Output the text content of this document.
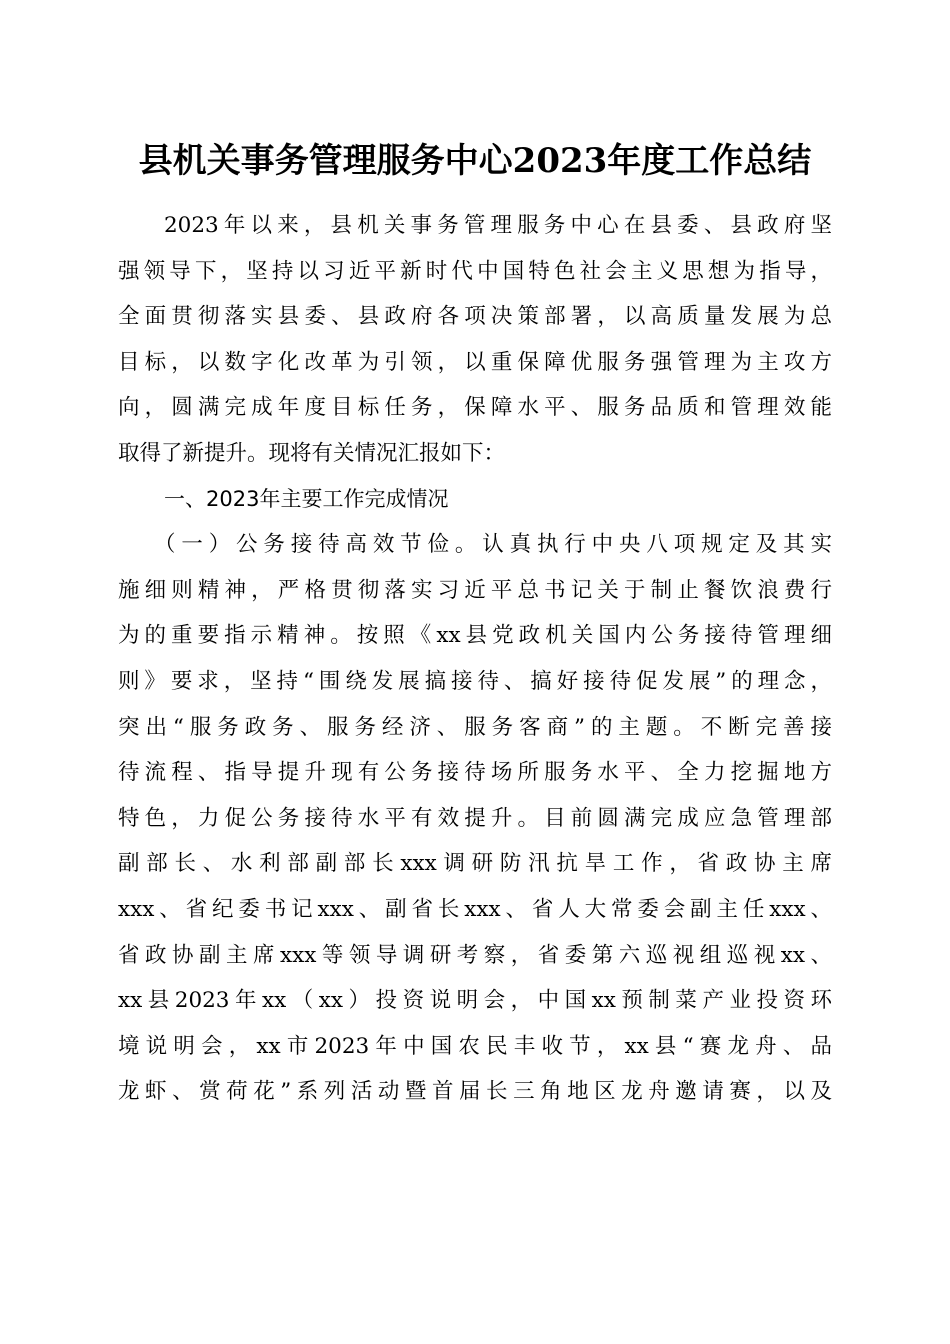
县机关事务管理服务中心2023年度工作总结

2023年以来，县机关事务管理服务中心在县委、县政府坚

强领导下，坚持以习近平新时代中国特色社会主义思想为指导，

全面贯彻落实县委、县政府各项决策部署，以高质量发展为总

目标，以数字化改革为引领，以重保障优服务强管理为主攻方

向，圆满完成年度目标任务，保障水平、服务品质和管理效能

取得了新提升。现将有关情况汇报如下：

一、2023年主要工作完成情况

（一）公务接待高效节俭。认真执行中央八项规定及其实

施细则精神，严格贯彻落实习近平总书记关于制止餐饮浪费行

为的重要指示精神。按照《xx县党政机关国内公务接待管理细

则》要求，坚持“围绕发展搞接待、搞好接待促发展”的理念，

突出“服务政务、服务经济、服务客商”的主题。不断完善接

待流程、指导提升现有公务接待场所服务水平、全力挖掘地方

特色，力促公务接待水平有效提升。目前圆满完成应急管理部

副部长、水利部副部长xxx调研防汛抗旱工作，省政协主席

xxx、省纪委书记xxx、副省长xxx、省人大常委会副主任xxx、

省政协副主席xxx等领导调研考察，省委第六巡视组巡视xx、

xx县2023年xx（xx）投资说明会，中国xx预制菜产业投资环

境说明会，xx市2023年中国农民丰收节，xx县“赛龙舟、品

龙虾、赏荷花”系列活动暨首届长三角地区龙舟邀请赛，以及
